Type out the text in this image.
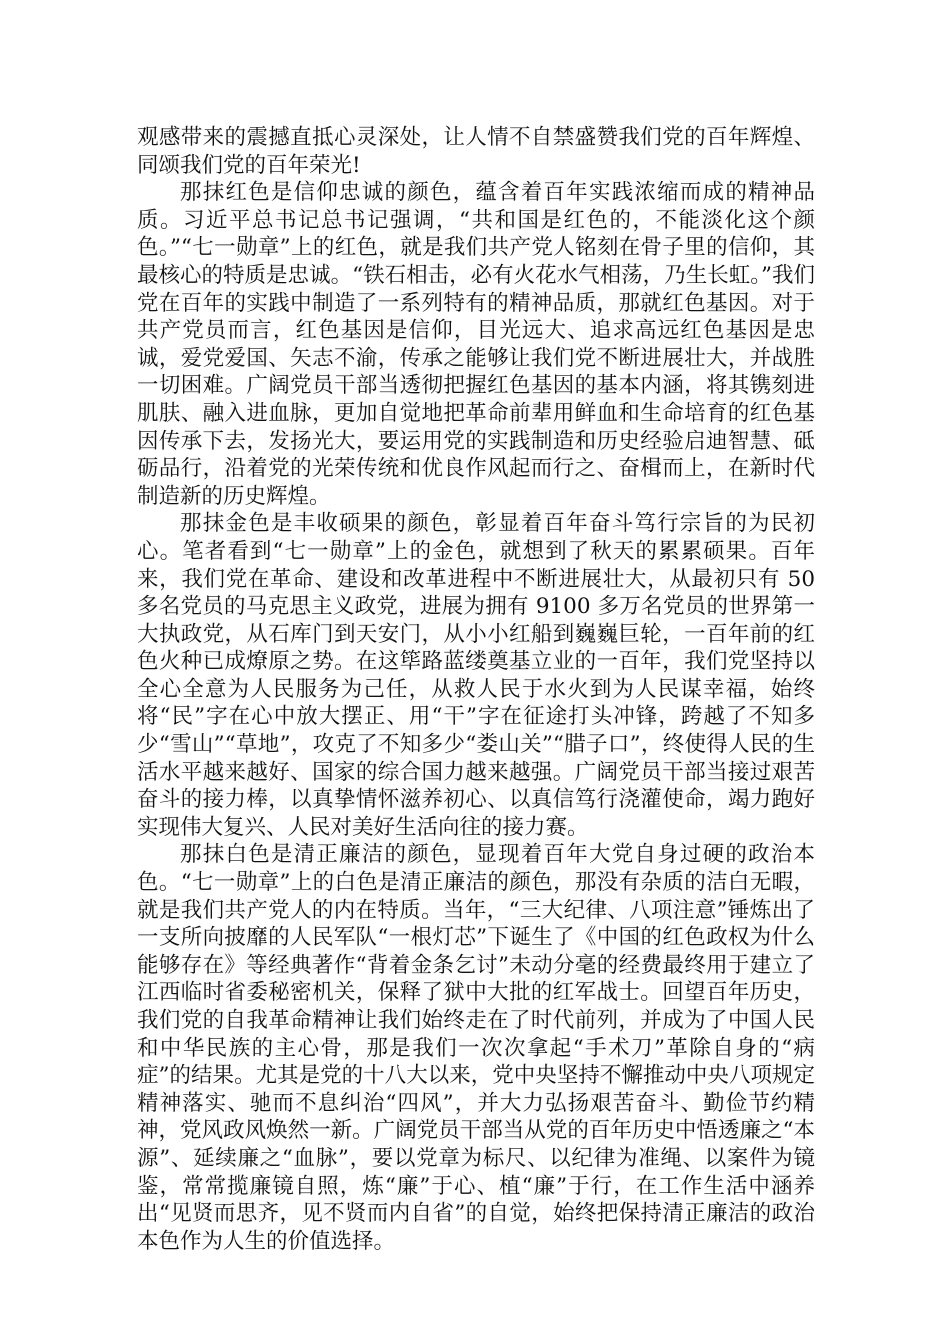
观感带来的震撼直抵心灵深处，让人情不自禁盛赞我们党的百年辉煌、同颂我们党的百年荣光!

那抹红色是信仰忠诚的颜色，蕴含着百年实践浓缩而成的精神品质。习近平总书记总书记强调，“共和国是红色的，不能淡化这个颜色。”“七一勋章”上的红色，就是我们共产党人铭刻在骨子里的信仰，其最核心的特质是忠诚。“铁石相击，必有火花水气相荡，乃生长虹。”我们党在百年的实践中制造了一系列特有的精神品质，那就红色基因。对于共产党员而言，红色基因是信仰，目光远大、追求高远红色基因是忠诚，爱党爱国、矢志不渝，传承之能够让我们党不断进展壮大，并战胜一切困难。广阔党员干部当透彻把握红色基因的基本内涵，将其镌刻进肌肤、融入进血脉，更加自觉地把革命前辈用鲜血和生命培育的红色基因传承下去，发扬光大，要运用党的实践制造和历史经验启迪智慧、砥砺品行，沿着党的光荣传统和优良作风起而行之、奋楫而上，在新时代制造新的历史辉煌。

那抹金色是丰收硕果的颜色，彰显着百年奋斗笃行宗旨的为民初心。笔者看到“七一勋章”上的金色，就想到了秋天的累累硕果。百年来，我们党在革命、建设和改革进程中不断进展壮大，从最初只有 50 多名党员的马克思主义政党，进展为拥有 9100 多万名党员的世界第一大执政党，从石库门到天安门，从小小红船到巍巍巨轮，一百年前的红色火种已成燎原之势。在这筚路蓝缕奠基立业的一百年，我们党坚持以全心全意为人民服务为己任，从救人民于水火到为人民谋幸福，始终将“民”字在心中放大摆正、用“干”字在征途打头冲锋，跨越了不知多少“雪山”“草地”，攻克了不知多少“娄山关”“腊子口”，终使得人民的生活水平越来越好、国家的综合国力越来越强。广阔党员干部当接过艰苦奋斗的接力棒，以真挚情怀滋养初心、以真信笃行浇灌使命，竭力跑好实现伟大复兴、人民对美好生活向往的接力赛。

那抹白色是清正廉洁的颜色，显现着百年大党自身过硬的政治本色。“七一勋章”上的白色是清正廉洁的颜色，那没有杂质的洁白无暇，就是我们共产党人的内在特质。当年，“三大纪律、八项注意”锤炼出了一支所向披靡的人民军队“一根灯芯”下诞生了《中国的红色政权为什么能够存在》等经典著作“背着金条乞讨”未动分毫的经费最终用于建立了江西临时省委秘密机关，保释了狱中大批的红军战士。回望百年历史，我们党的自我革命精神让我们始终走在了时代前列，并成为了中国人民和中华民族的主心骨，那是我们一次次拿起“手术刀”革除自身的“病症”的结果。尤其是党的十八大以来，党中央坚持不懈推动中央八项规定精神落实、驰而不息纠治“四风”，并大力弘扬艰苦奋斗、勤俭节约精神，党风政风焕然一新。广阔党员干部当从党的百年历史中悟透廉之“本源”、延续廉之“血脉”，要以党章为标尺、以纪律为准绳、以案件为镜鉴，常常揽廉镜自照，炼“廉”于心、植“廉”于行，在工作生活中涵养出“见贤而思齐，见不贤而内自省”的自觉，始终把保持清正廉洁的政治本色作为人生的价值选择。
